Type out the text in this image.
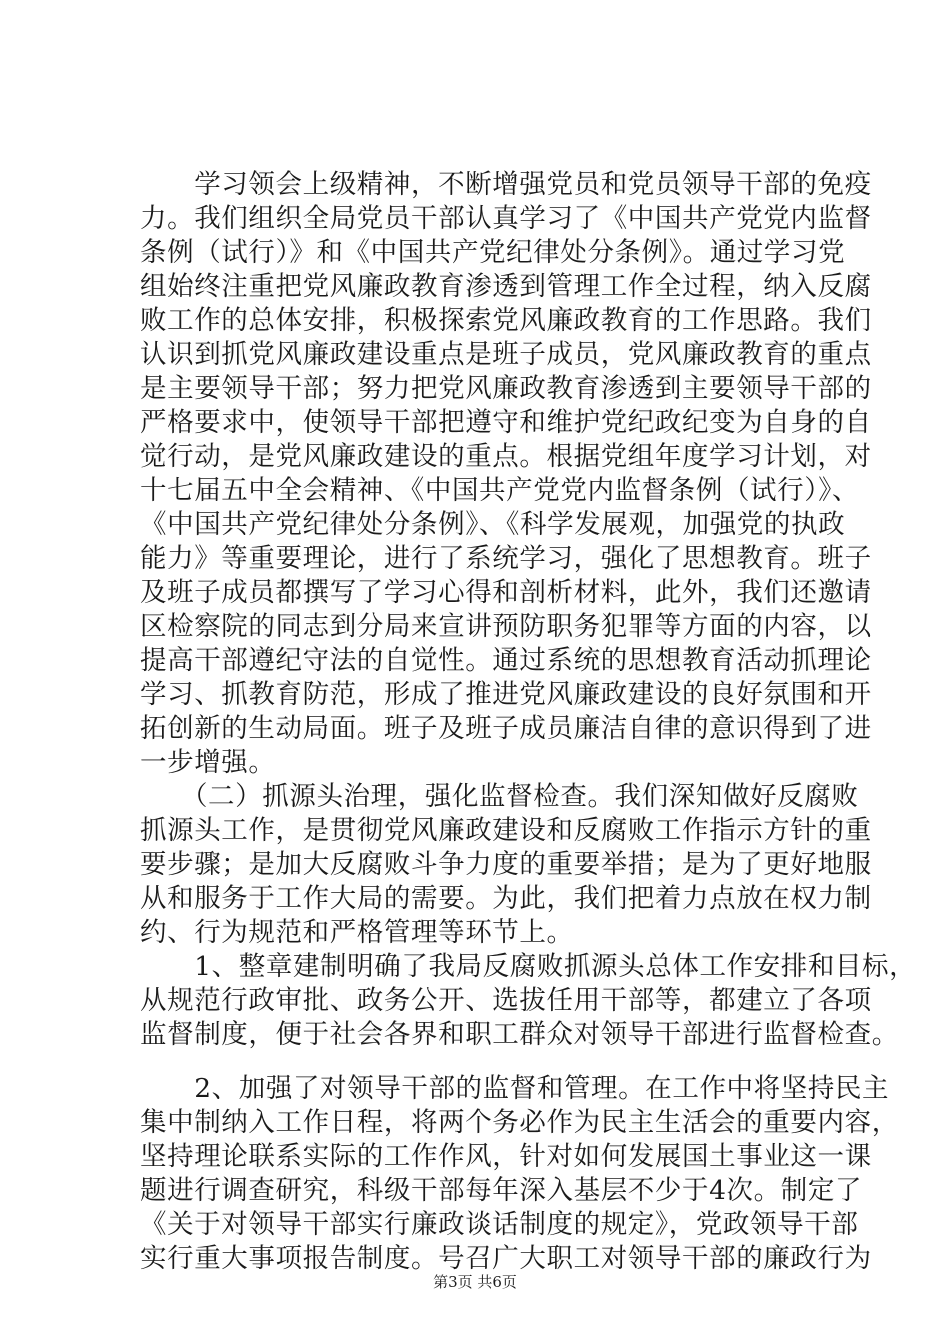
　　学习领会上级精神，不断增强党员和党员领导干部的免疫
力。我们组织全局党员干部认真学习了《中国共产党党内监督
条例（试行）》和《中国共产党纪律处分条例》。通过学习党
组始终注重把党风廉政教育渗透到管理工作全过程，纳入反腐
败工作的总体安排，积极探索党风廉政教育的工作思路。我们
认识到抓党风廉政建设重点是班子成员，党风廉政教育的重点
是主要领导干部；努力把党风廉政教育渗透到主要领导干部的
严格要求中，使领导干部把遵守和维护党纪政纪变为自身的自
觉行动，是党风廉政建设的重点。根据党组年度学习计划，对
十七届五中全会精神、《中国共产党党内监督条例（试行）》、
《中国共产党纪律处分条例》、《科学发展观，加强党的执政
能力》等重要理论，进行了系统学习，强化了思想教育。班子
及班子成员都撰写了学习心得和剖析材料，此外，我们还邀请
区检察院的同志到分局来宣讲预防职务犯罪等方面的内容，以
提高干部遵纪守法的自觉性。通过系统的思想教育活动抓理论
学习、抓教育防范，形成了推进党风廉政建设的良好氛围和开
拓创新的生动局面。班子及班子成员廉洁自律的意识得到了进
一步增强。
　　（二）抓源头治理，强化监督检查。我们深知做好反腐败
抓源头工作，是贯彻党风廉政建设和反腐败工作指示方针的重
要步骤；是加大反腐败斗争力度的重要举措；是为了更好地服
从和服务于工作大局的需要。为此，我们把着力点放在权力制
约、行为规范和严格管理等环节上。
　　1、整章建制明确了我局反腐败抓源头总体工作安排和目标，
从规范行政审批、政务公开、选拔任用干部等，都建立了各项
监督制度，便于社会各界和职工群众对领导干部进行监督检查。
　　2、加强了对领导干部的监督和管理。在工作中将坚持民主
集中制纳入工作日程，将两个务必作为民主生活会的重要内容，
坚持理论联系实际的工作作风，针对如何发展国土事业这一课
题进行调查研究，科级干部每年深入基层不少于4次。制定了
《关于对领导干部实行廉政谈话制度的规定》，党政领导干部
实行重大事项报告制度。号召广大职工对领导干部的廉政行为
第3页 共6页
